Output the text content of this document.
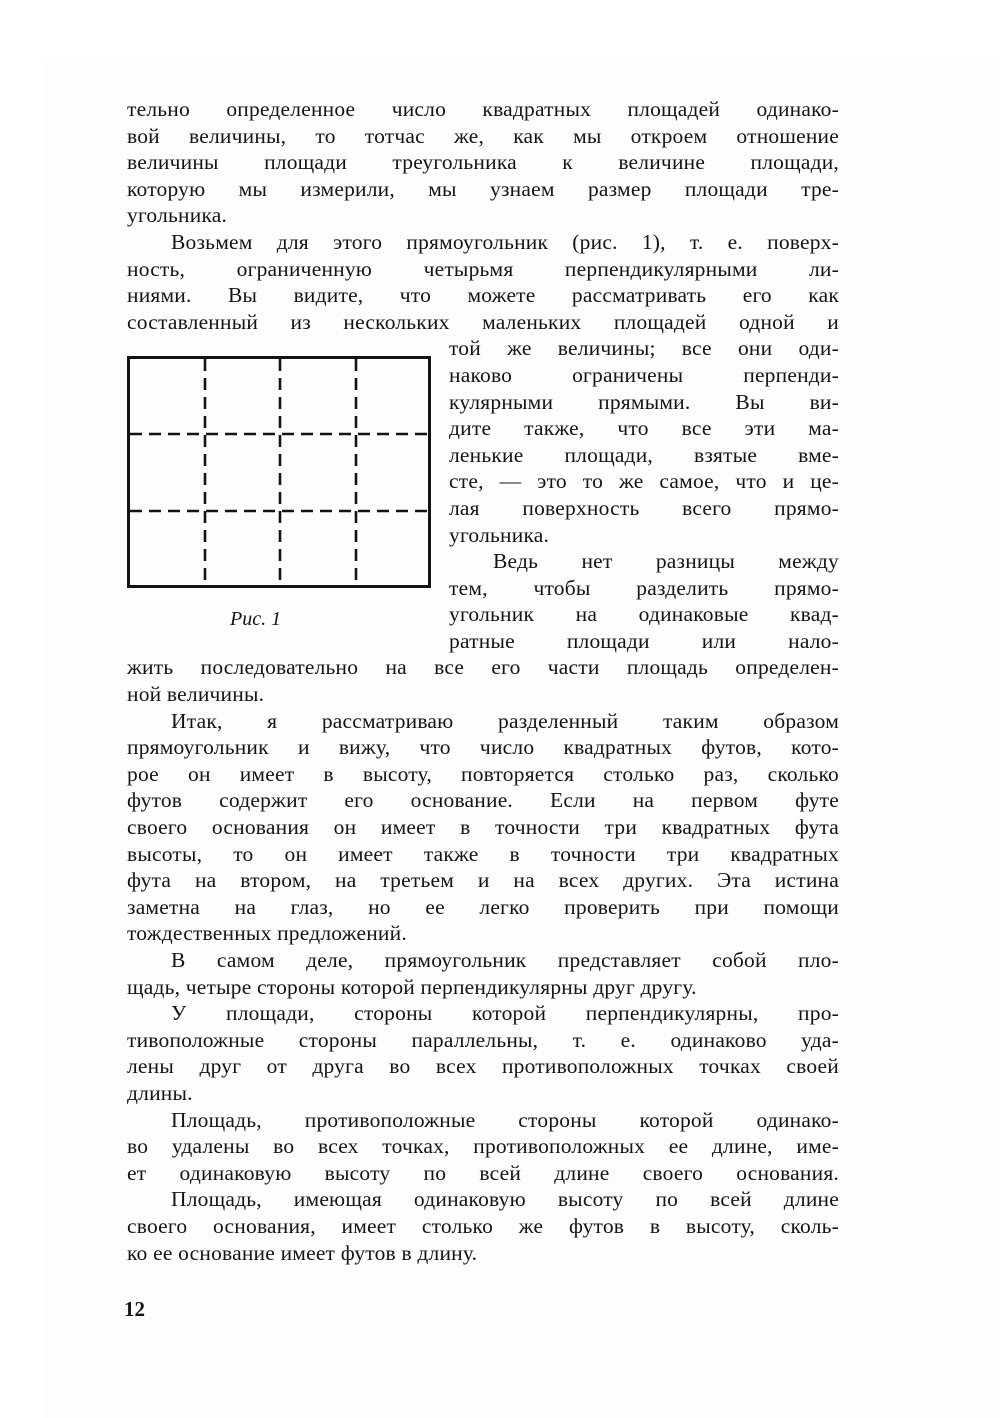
тельно определенное число квадратных площадей одинако-
вой величины, то тотчас же, как мы откроем отношение
величины площади треугольника к величине площади,
которую мы измерили, мы узнаем размер площади тре-
угольника.
Возьмем для этого прямоугольник (рис. 1), т. е. поверх-
ность, ограниченную четырьмя перпендикулярными ли-
ниями. Вы видите, что можете рассматривать его как
составленный из нескольких маленьких площадей одной и
той же величины; все они оди-
наково ограничены перпенди-
кулярными прямыми. Вы ви-
дите также, что все эти ма-
ленькие площади, взятые вме-
сте, — это то же самое, что и це-
лая поверхность всего прямо-
угольника.
Ведь нет разницы между
тем, чтобы разделить прямо-
угольник на одинаковые квад-
ратные площади или нало-
жить последовательно на все его части площадь определен-
ной величины.
Итак, я рассматриваю разделенный таким образом
прямоугольник и вижу, что число квадратных футов, кото-
рое он имеет в высоту, повторяется столько раз, сколько
футов содержит его основание. Если на первом футе
своего основания он имеет в точности три квадратных фута
высоты, то он имеет также в точности три квадратных
фута на втором, на третьем и на всех других. Эта истина
заметна на глаз, но ее легко проверить при помощи
тождественных предложений.
В самом деле, прямоугольник представляет собой пло-
щадь, четыре стороны которой перпендикулярны друг другу.
У площади, стороны которой перпендикулярны, про-
тивоположные стороны параллельны, т. е. одинаково уда-
лены друг от друга во всех противоположных точках своей
длины.
Площадь, противоположные стороны которой одинако-
во удалены во всех точках, противоположных ее длине, име-
ет одинаковую высоту по всей длине своего основания.
Площадь, имеющая одинаковую высоту по всей длине
своего основания, имеет столько же футов в высоту, сколь-
ко ее основание имеет футов в длину.
Рис. 1
12
